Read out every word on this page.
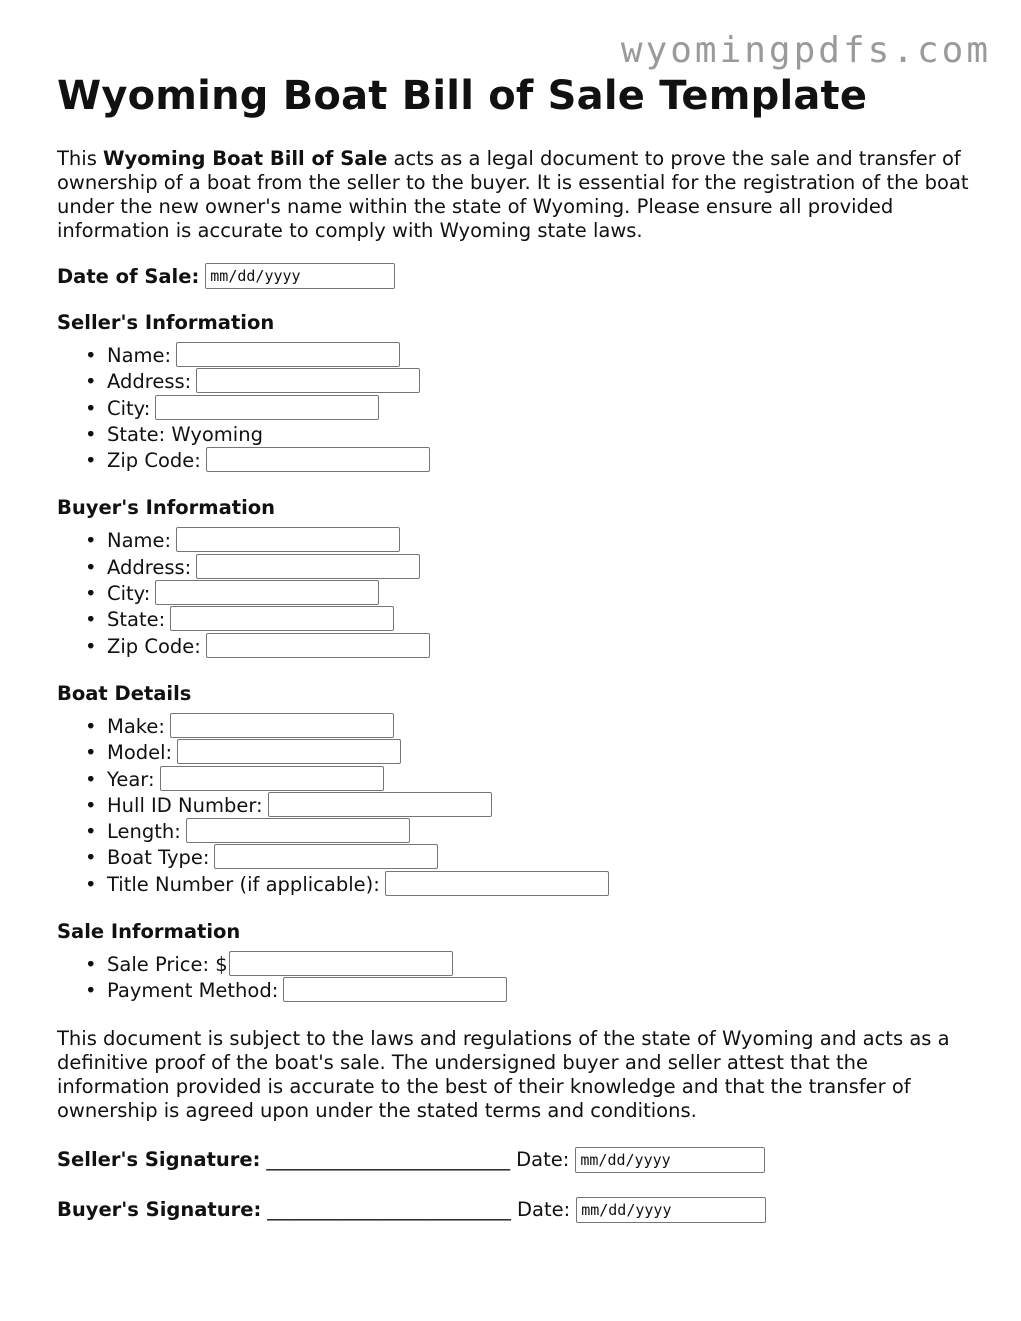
wyomingpdfs.com
Wyoming Boat Bill of Sale Template

This Wyoming Boat Bill of Sale acts as a legal document to prove the sale and transfer of ownership of a boat from the seller to the buyer. It is essential for the registration of the boat under the new owner's name within the state of Wyoming. Please ensure all provided information is accurate to comply with Wyoming state laws.

Date of Sale: mm/dd/yyyy
Seller's Information
• Name:
• Address:
• City:
• State: Wyoming
• Zip Code:
Buyer's Information
• Name:
• Address:
• City:
• State:
• Zip Code:
Boat Details
• Make:
• Model:
• Year:
• Hull ID Number:
• Length:
• Boat Type:
• Title Number (if applicable):
Sale Information
• Sale Price: $
• Payment Method:

This document is subject to the laws and regulations of the state of Wyoming and acts as a definitive proof of the boat's sale. The undersigned buyer and seller attest that the information provided is accurate to the best of their knowledge and that the transfer of ownership is agreed upon under the stated terms and conditions.

Seller's Signature: _________________________ Date: mm/dd/yyyy
Buyer's Signature: _________________________ Date: mm/dd/yyyy
